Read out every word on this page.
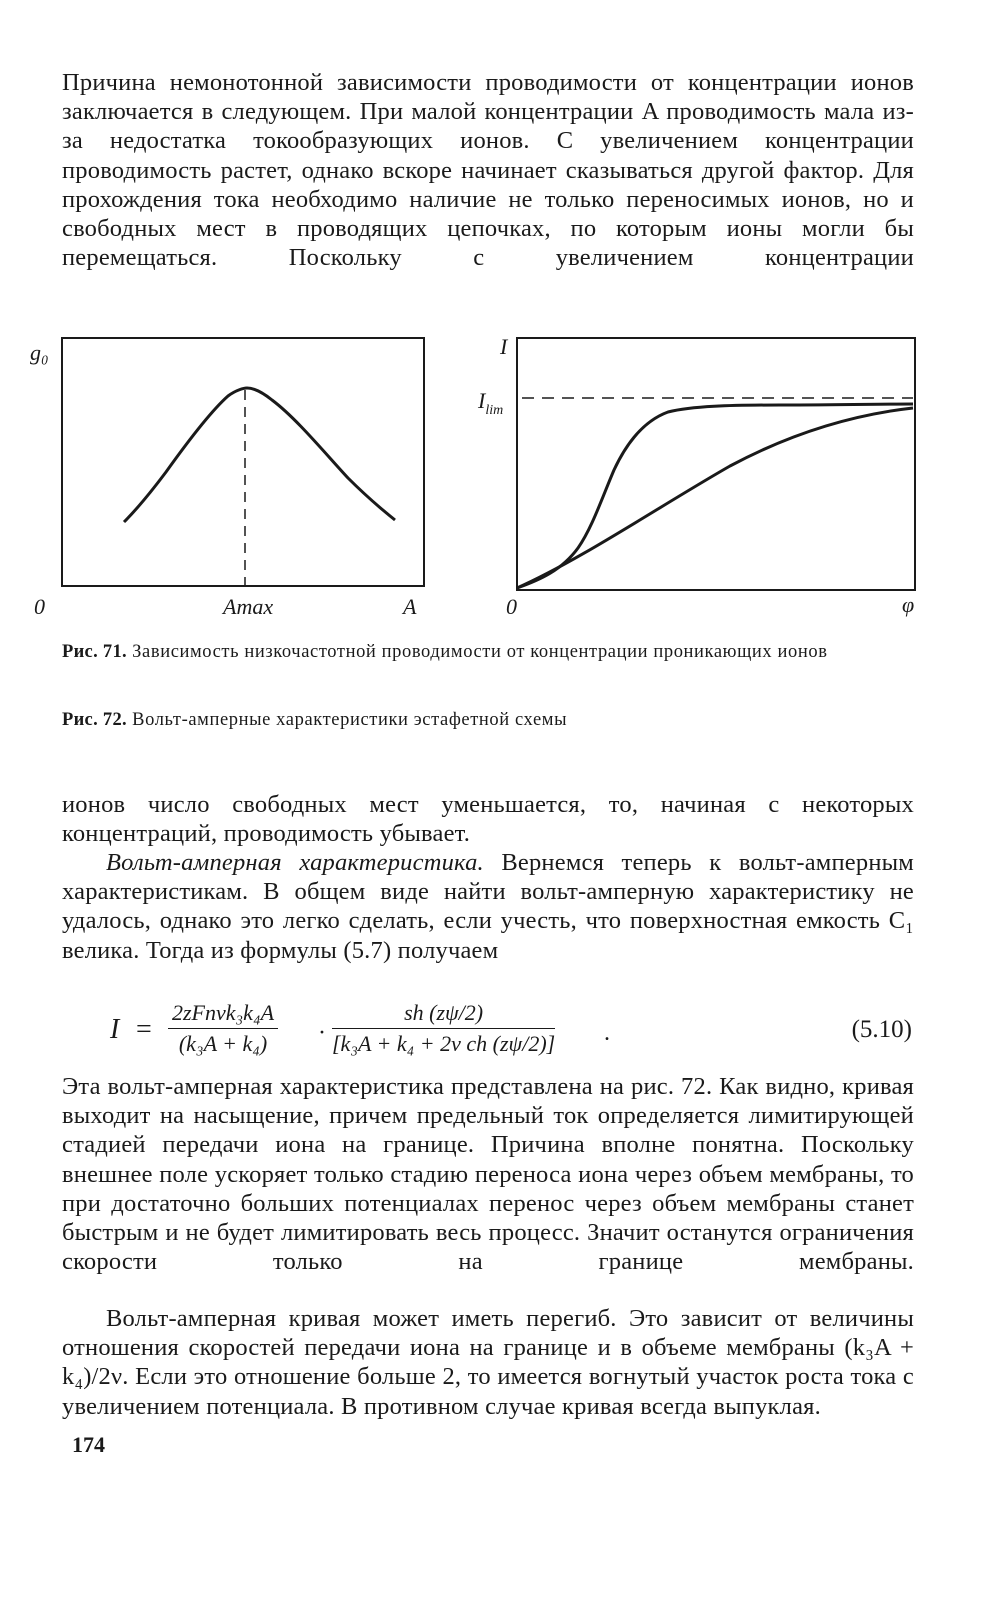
Причина немонотонной зависимости проводимости от концентрации ионов заключается в следующем. При малой концентрации A проводимость мала из-за недостатка токообразующих ионов. С увеличением концентрации проводимость растет, однако вскоре начинает сказываться другой фактор. Для прохождения тока необходимо наличие не только переносимых ионов, но и свободных мест в проводящих цепочках, по которым ионы могли бы перемещаться. Поскольку с увеличением концентрации

g₀
0	Amax	A
I
$I_{lim}$
0	φ

Рис. 71. Зависимость низкочастотной проводимости от концентрации проникающих ионов

Рис. 72. Вольт-амперные характеристики эстафетной схемы

ионов число свободных мест уменьшается, то, начиная с некоторых концентраций, проводимость убывает.

Вольт-амперная характеристика. Вернемся теперь к вольт-амперным характеристикам. В общем виде найти вольт-амперную характеристику не удалось, однако это легко сделать, если учесть, что поверхностная емкость C₁ велика. Тогда из формулы (5.7) получаем

I =
2zFnνk₃k₄A
(k₃A + k₄)	· $\frac{sh (z\psi/2)}{\text{[k₃A + k₄ + 2ν ch (zψ/2)]}}$ .	(5.10)

Эта вольт-амперная характеристика представлена на рис. 72. Как видно, кривая выходит на насыщение, причем предельный ток определяется лимитирующей стадией передачи иона на границе. Причина вполне понятна. Поскольку внешнее поле ускоряет только стадию переноса иона через объем мембраны, то при достаточно больших потенциалах перенос через объем мембраны станет быстрым и не будет лимитировать весь процесс. Значит останутся ограничения скорости только на границе мембраны.

Вольт-амперная кривая может иметь перегиб. Это зависит от величины отношения скоростей передачи иона на границе и в объеме мембраны (k₃A + k₄)/2ν. Если это отношение больше 2, то имеется вогнутый участок роста тока с увеличением потенциала. В противном случае кривая всегда выпуклая.

174
